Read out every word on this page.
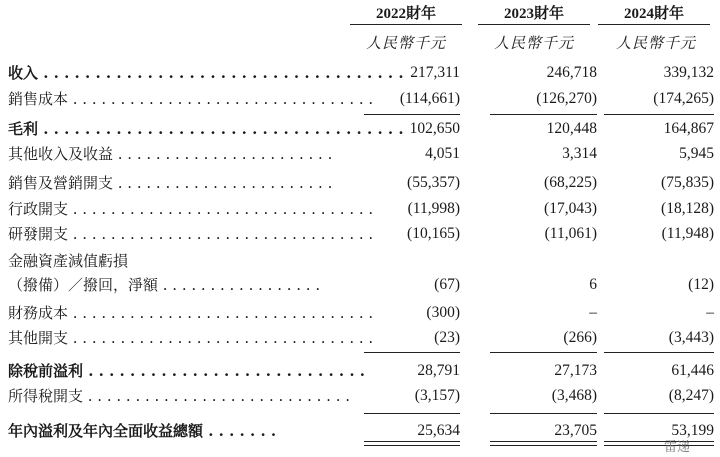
2022財年	2023財年	2024財年
人民幣千元	人民幣千元	人民幣千元
收入 . . . . . . . . . . . . . . . . . . . . . . . . . . . . . . . . . . . 217,311	246,718	339,132
銷售成本 . . . . . . . . . . . . . . . . . . . . . . . . . . . . . . . .	(114,661)	(126,270)	(174,265)
毛利 . . . . . . . . . . . . . . . . . . . . . . . . . . . . . . . . . . . 102,650	120,448	164,867
其他收入及收益 . . . . . . . . . . . . . . . . . . . . . . .	4,051	3,314	5,945
銷售及營銷開支 . . . . . . . . . . . . . . . . . . . . . . .	(55,357)	(68,225)	(75,835)
行政開支 . . . . . . . . . . . . . . . . . . . . . . . . . . . . . . . .	(11,998)	(17,043)	(18,128)
研發開支 . . . . . . . . . . . . . . . . . . . . . . . . . . . . . . . .	(10,165)	(11,061)	(11,948)
金融資產減值虧損
（撥備）／撥回，淨額 . . . . . . . . . . . . . . . . .	(67)	6	(12)
財務成本 . . . . . . . . . . . . . . . . . . . . . . . . . . . . . . . .	(300)	–	–
其他開支 . . . . . . . . . . . . . . . . . . . . . . . . . . . . . . . .	(23)	(266)	(3,443)
除稅前溢利 . . . . . . . . . . . . . . . . . . . . . . . . . . .	28,791	27,173	61,446
所得稅開支 . . . . . . . . . . . . . . . . . . . . . . . . . . . .	(3,157)	(3,468)	(8,247)
年內溢利及年內全面收益總額 . . . . . . .	25,634	23,705	53,199
雷递
